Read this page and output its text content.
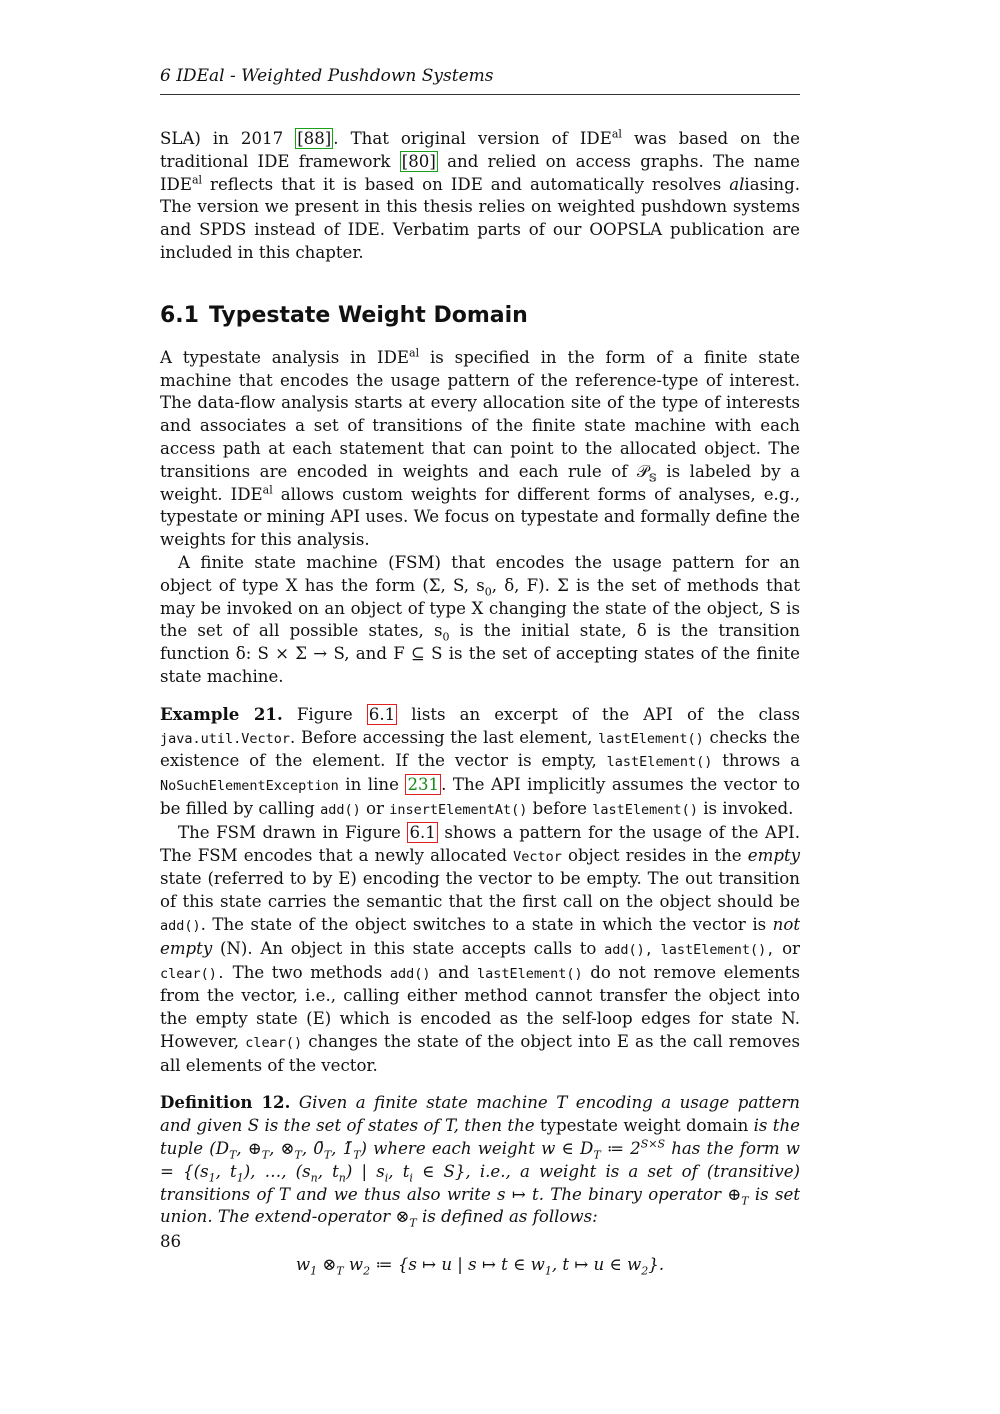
6 IDEal - Weighted Pushdown Systems

SLA) in 2017 [88] . That original version of $IDE^{al}$ was based on the traditional IDE framework [80] and relied on access graphs. The name $IDE^{al}$ reflects that it is based on IDE and automatically resolves aliasing. The version we present in this thesis relies on weighted pushdown systems and SPDS instead of IDE. Verbatim parts of our OOPSLA publication are included in this chapter.

6.1 Typestate Weight Domain

A typestate analysis in $IDE^{al}$ is specified in the form of a finite state machine that encodes the usage pattern of the reference-type of interest. The data-flow analysis starts at every allocation site of the type of interests and associates a set of transitions of the finite state machine with each access path at each statement that can point to the allocated object. The transitions are encoded in weights and each rule of 𝒫$_𝕊$ is labeled by a weight. $IDE^{al}$ allows custom weights for different forms of analyses, e.g., typestate or mining API uses. We focus on typestate and formally define the weights for this analysis.

A finite state machine (FSM) that encodes the usage pattern for an object of type X has the form (Σ, S, $s_0$, δ, F). Σ is the set of methods that may be invoked on an object of type X changing the state of the object, S is the set of all possible states, $s_0$ is the initial state, δ is the transition function δ: S × Σ → S, and F ⊆ S is the set of accepting states of the finite state machine.

Example 21. Figure 6.1 lists an excerpt of the API of the class java.util.Vector. Before accessing the last element, lastElement() checks the existence of the element. If the vector is empty, lastElement() throws a NoSuchElementException in line 231 . The API implicitly assumes the vector to be filled by calling add() or insertElementAt() before lastElement() is invoked.

The FSM drawn in Figure 6.1 shows a pattern for the usage of the API. The FSM encodes that a newly allocated Vector object resides in the empty state (referred to by E) encoding the vector to be empty. The out transition of this state carries the semantic that the first call on the object should be add(). The state of the object switches to a state in which the vector is not empty (N). An object in this state accepts calls to add(), lastElement(), or clear(). The two methods add() and lastElement() do not remove elements from the vector, i.e., calling either method cannot transfer the object into the empty state (E) which is encoded as the self-loop edges for state N. However, clear() changes the state of the object into E as the call removes all elements of the vector.

Definition 12. Given a finite state machine T encoding a usage pattern and given S is the set of states of T, then the typestate weight domain is the tuple ($D_T$, $\oplus_T$, $\otimes_T$, $0̄_T$, $1̄_T$) where each weight w ∈ $D_T$ ≔ $2^{S\times S}$ has the form $w = \{(s_1$, $t_1$), …, ($s_n$, $t_n$) | $s_i$, $t_i$ ∈ S}, i.e., a weight is a set of (transitive) transitions of T and we thus also write s ↦ t. The binary operator $\oplus_T$ is set union. The extend-operator $\otimes_T$ is defined as follows:

$w_1$ $\otimes_T$ $w_2$ ≔ {s ↦ u | s ↦ t ∈ $w_1$, t ↦ u ∈ $w_2$}.
86
